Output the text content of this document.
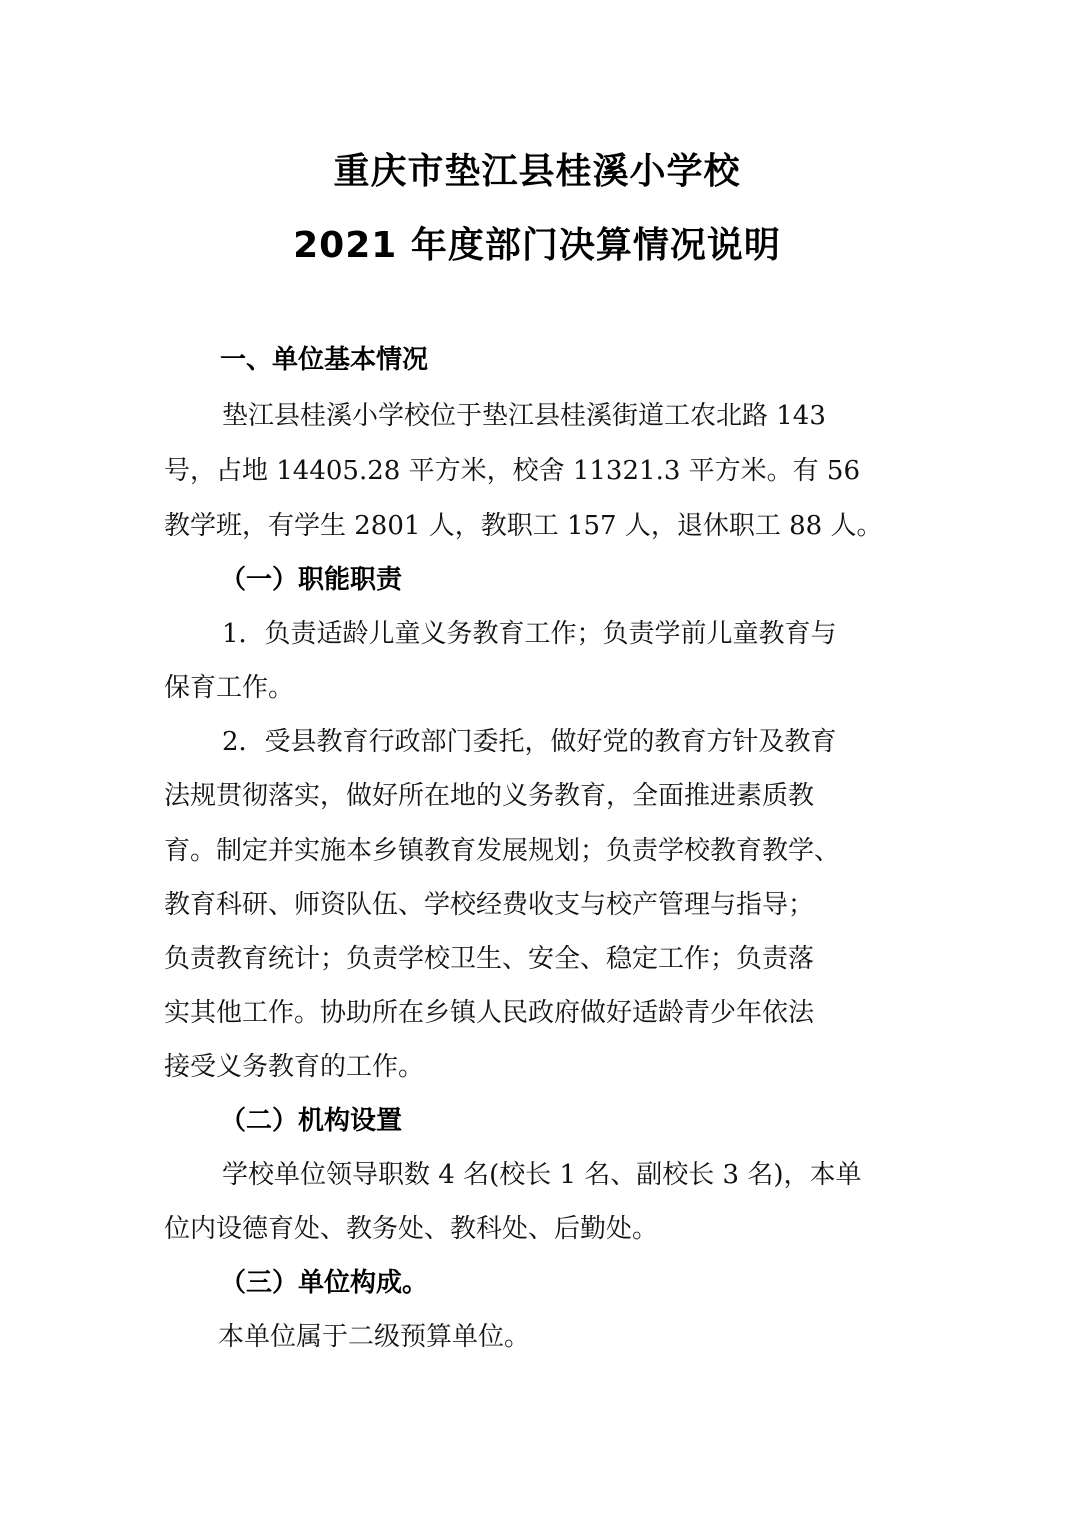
重庆市垫江县桂溪小学校
2021 年度部门决算情况说明
一、单位基本情况
垫江县桂溪小学校位于垫江县桂溪街道工农北路 143
号，占地 14405.28 平方米，校舍 11321.3 平方米。有 56
教学班，有学生 2801 人，教职工 157 人，退休职工 88 人。
（一）职能职责
1．负责适龄儿童义务教育工作；负责学前儿童教育与
保育工作。
2．受县教育行政部门委托，做好党的教育方针及教育
法规贯彻落实，做好所在地的义务教育，全面推进素质教
育。制定并实施本乡镇教育发展规划；负责学校教育教学、
教育科研、师资队伍、学校经费收支与校产管理与指导；
负责教育统计；负责学校卫生、安全、稳定工作；负责落
实其他工作。协助所在乡镇人民政府做好适龄青少年依法
接受义务教育的工作。
（二）机构设置
学校单位领导职数 4 名(校长 1 名、副校长 3 名)，本单
位内设德育处、教务处、教科处、后勤处。
（三）单位构成。
本单位属于二级预算单位。
